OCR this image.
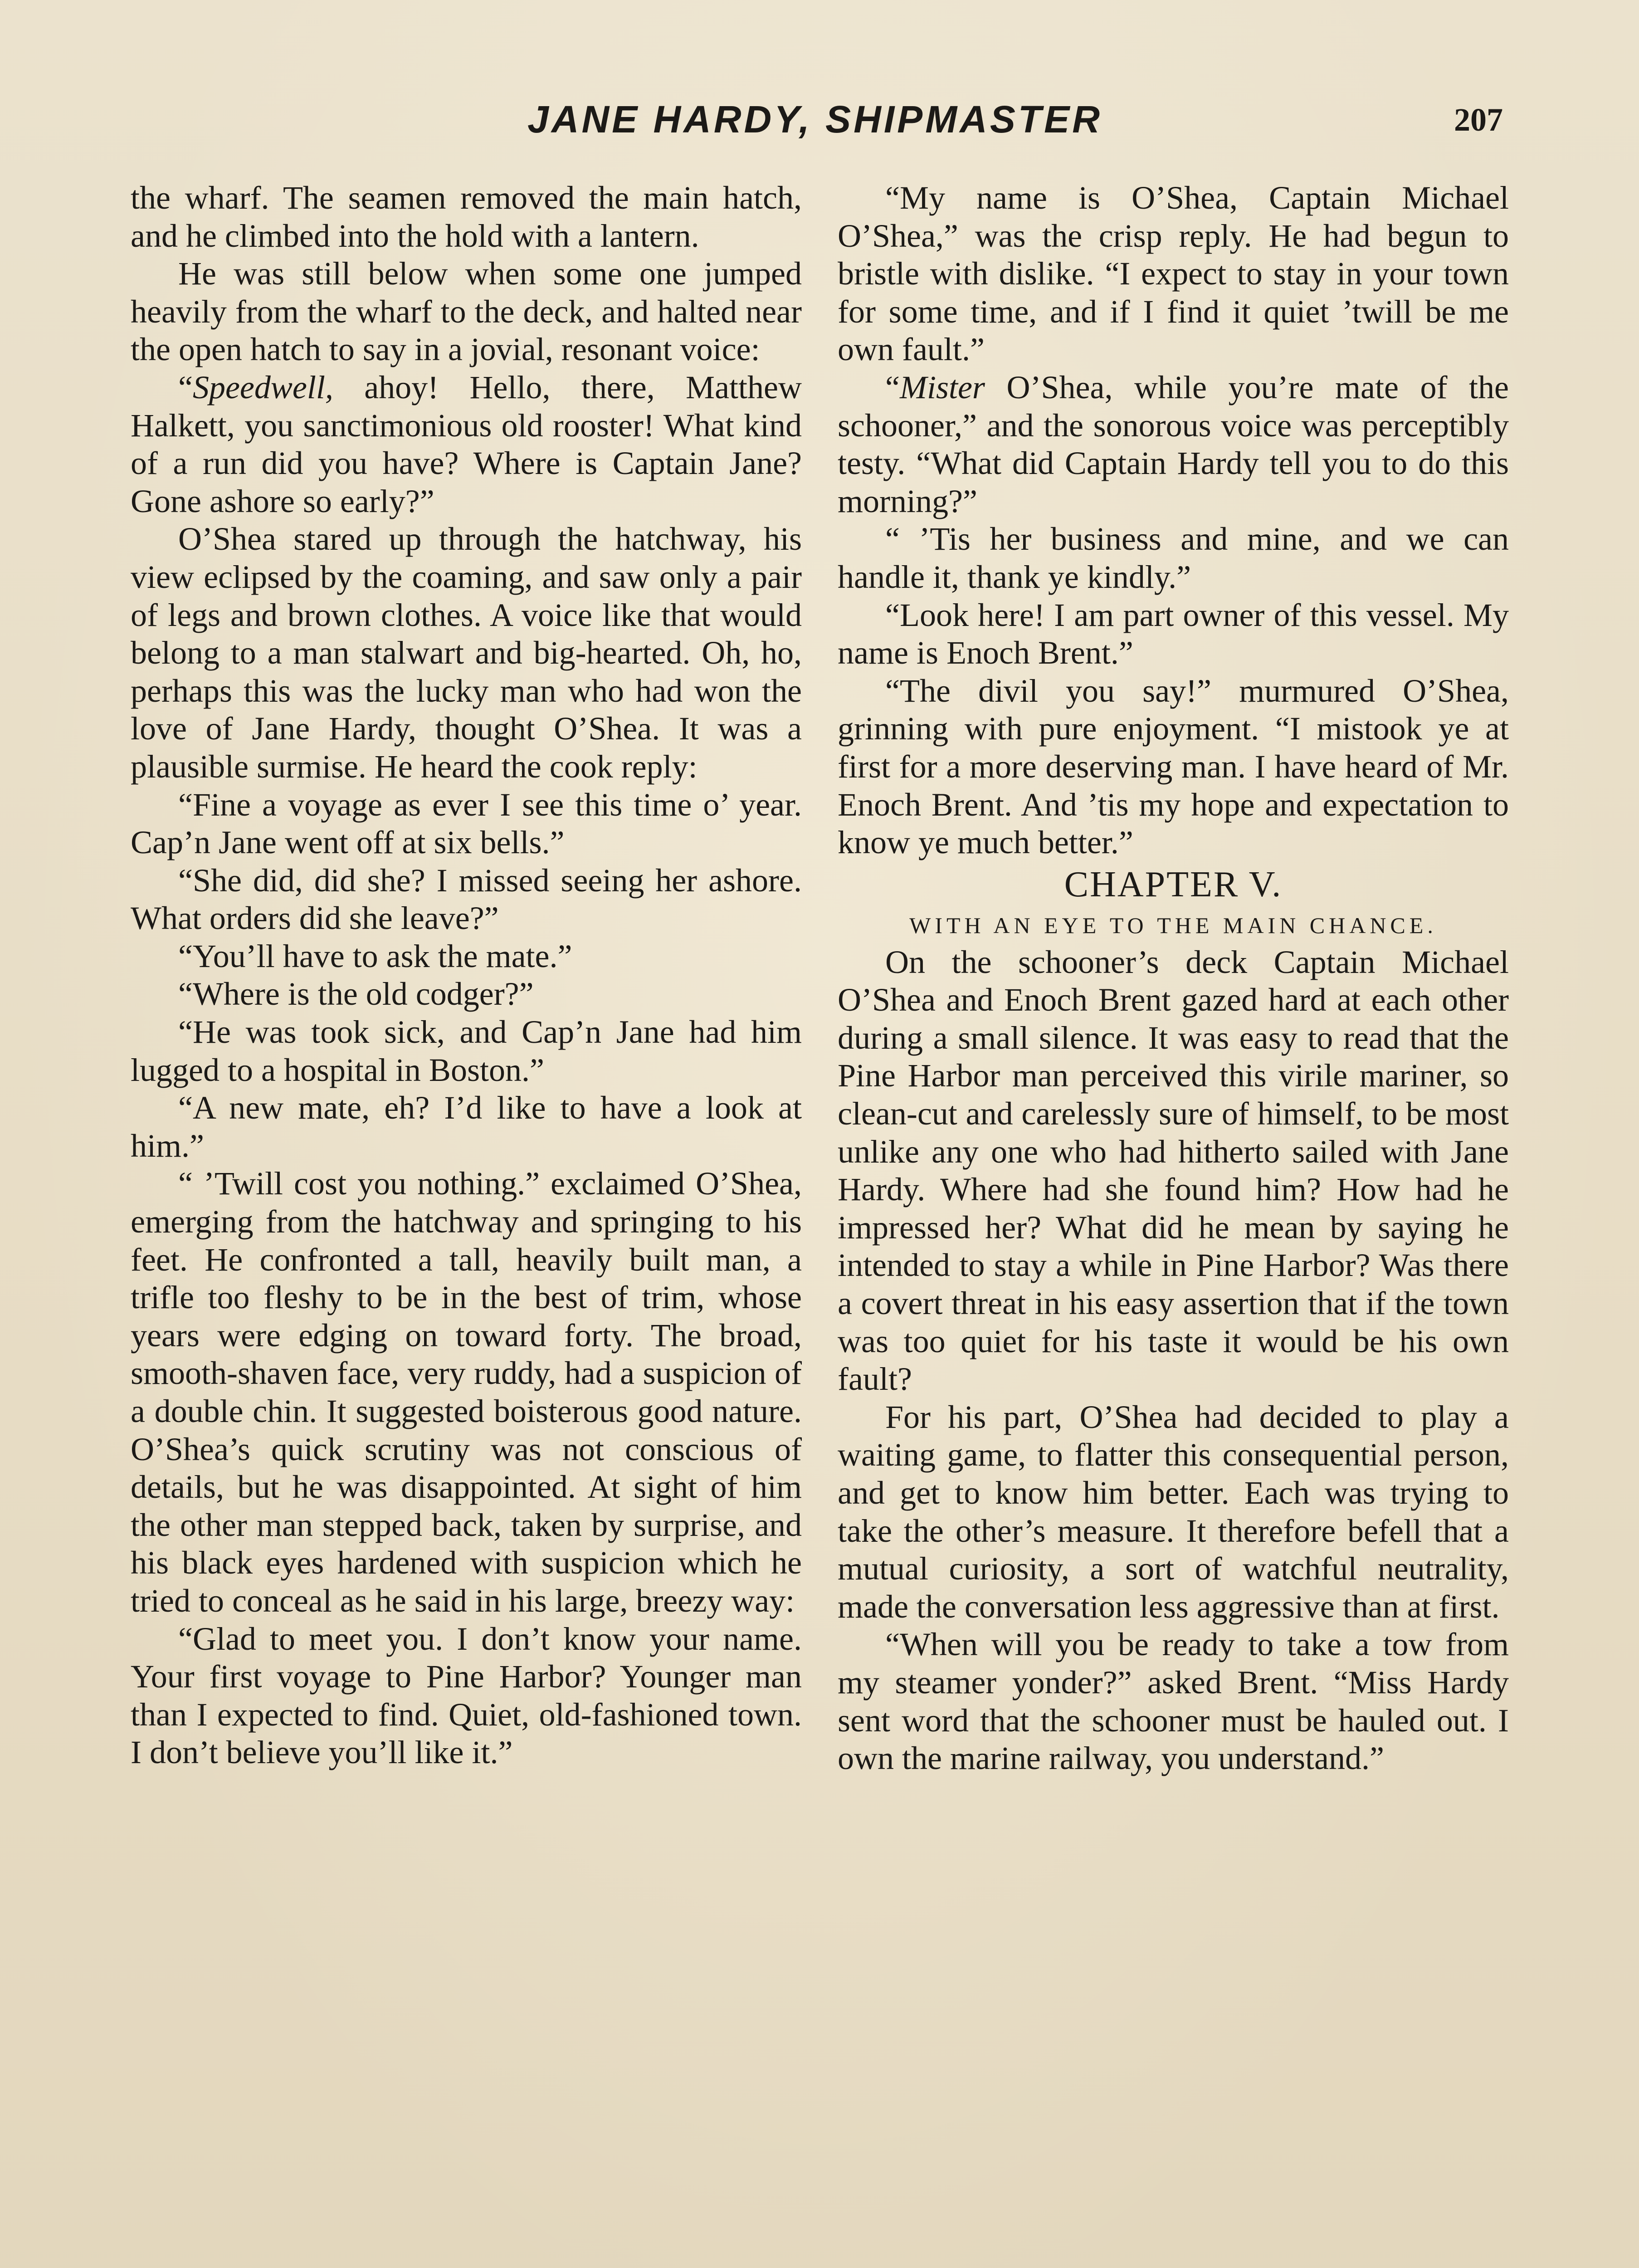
JANE HARDY, SHIPMASTER	207

the wharf. The seamen removed the main hatch, and he climbed into the hold with a lantern.

He was still below when some one jumped heavily from the wharf to the deck, and halted near the open hatch to say in a jovial, resonant voice:

“Speedwell, ahoy! Hello, there, Matthew Halkett, you sanctimonious old rooster! What kind of a run did you have? Where is Captain Jane? Gone ashore so early?”

O’Shea stared up through the hatchway, his view eclipsed by the coaming, and saw only a pair of legs and brown clothes. A voice like that would belong to a man stalwart and big-hearted. Oh, ho, perhaps this was the lucky man who had won the love of Jane Hardy, thought O’Shea. It was a plausible surmise. He heard the cook reply:

“Fine a voyage as ever I see this time o’ year. Cap’n Jane went off at six bells.”

“She did, did she? I missed seeing her ashore. What orders did she leave?”

“You’ll have to ask the mate.”

“Where is the old codger?”

“He was took sick, and Cap’n Jane had him lugged to a hospital in Boston.”

“A new mate, eh? I’d like to have a look at him.”

“ ’Twill cost you nothing.” exclaimed O’Shea, emerging from the hatchway and springing to his feet. He confronted a tall, heavily built man, a trifle too fleshy to be in the best of trim, whose years were edging on toward forty. The broad, smooth-shaven face, very ruddy, had a suspicion of a double chin. It suggested boisterous good nature. O’Shea’s quick scrutiny was not conscious of details, but he was disappointed. At sight of him the other man stepped back, taken by surprise, and his black eyes hardened with suspicion which he tried to conceal as he said in his large, breezy way:

“Glad to meet you. I don’t know your name. Your first voyage to Pine Harbor? Younger man than I expected to find. Quiet, old-fashioned town. I don’t believe you’ll like it.”

“My name is O’Shea, Captain Michael O’Shea,” was the crisp reply. He had begun to bristle with dislike. “I expect to stay in your town for some time, and if I find it quiet ’twill be me own fault.”

“Mister O’Shea, while you’re mate of the schooner,” and the sonorous voice was perceptibly testy. “What did Captain Hardy tell you to do this morning?”

“ ’Tis her business and mine, and we can handle it, thank ye kindly.”

“Look here! I am part owner of this vessel. My name is Enoch Brent.”

“The divil you say!” murmured O’Shea, grinning with pure enjoyment. “I mistook ye at first for a more deserving man. I have heard of Mr. Enoch Brent. And ’tis my hope and expectation to know ye much better.”

CHAPTER V.

WITH AN EYE TO THE MAIN CHANCE.

On the schooner’s deck Captain Michael O’Shea and Enoch Brent gazed hard at each other during a small silence. It was easy to read that the Pine Harbor man perceived this virile mariner, so clean-cut and carelessly sure of himself, to be most unlike any one who had hitherto sailed with Jane Hardy. Where had she found him? How had he impressed her? What did he mean by saying he intended to stay a while in Pine Harbor? Was there a covert threat in his easy assertion that if the town was too quiet for his taste it would be his own fault?

For his part, O’Shea had decided to play a waiting game, to flatter this consequential person, and get to know him better. Each was trying to take the other’s measure. It therefore befell that a mutual curiosity, a sort of watchful neutrality, made the conversation less aggressive than at first.

“When will you be ready to take a tow from my steamer yonder?” asked Brent. “Miss Hardy sent word that the schooner must be hauled out. I own the marine railway, you understand.”
